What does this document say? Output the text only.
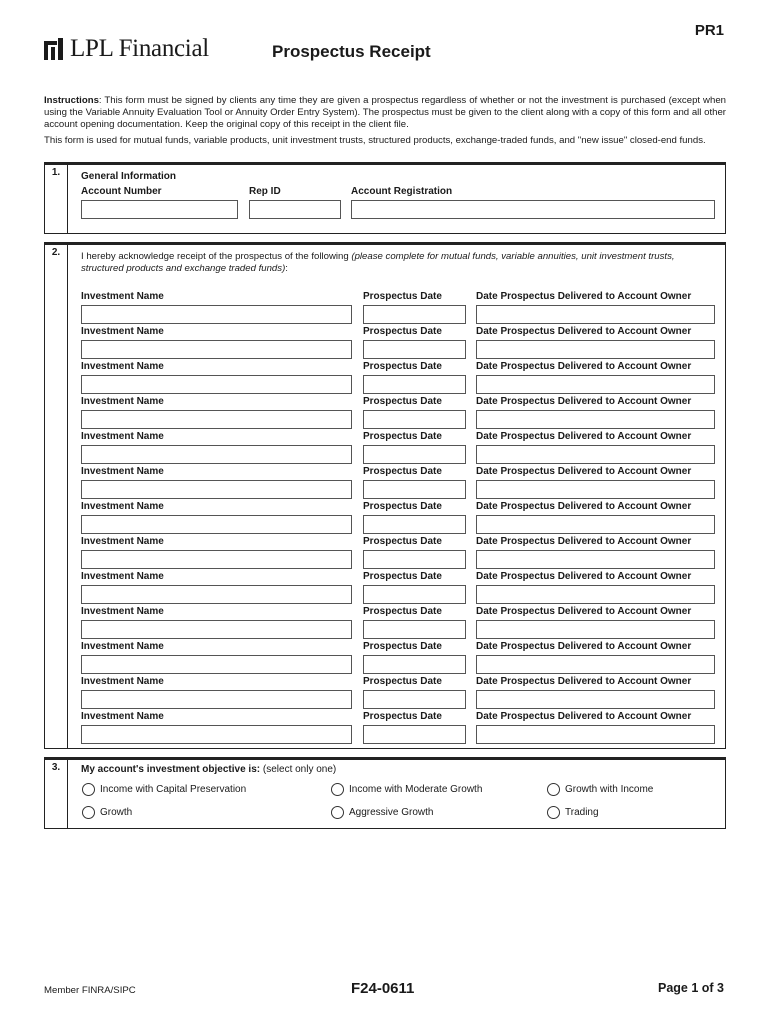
PR1
LPL Financial	Prospectus Receipt

Instructions: This form must be signed by clients any time they are given a prospectus regardless of whether or not the investment is purchased (except when using the Variable Annuity Evaluation Tool or Annuity Order Entry System). The prospectus must be given to the client along with a copy of this form and all other account opening documentation. Keep the original copy of this receipt in the client file.

This form is used for mutual funds, variable products, unit investment trusts, structured products, exchange-traded funds, and "new issue" closed-end funds.

1.	General Information
Account Number	Rep ID	Account Registration
2.	I hereby acknowledge receipt of the prospectus of the following (please complete for mutual funds, variable annuities, unit investment trusts, structured products and exchange traded funds):
Investment Name	Prospectus Date	Date Prospectus Delivered to Account Owner
Investment Name	Prospectus Date	Date Prospectus Delivered to Account Owner
Investment Name	Prospectus Date	Date Prospectus Delivered to Account Owner
Investment Name	Prospectus Date	Date Prospectus Delivered to Account Owner
Investment Name	Prospectus Date	Date Prospectus Delivered to Account Owner
Investment Name	Prospectus Date	Date Prospectus Delivered to Account Owner
Investment Name	Prospectus Date	Date Prospectus Delivered to Account Owner
Investment Name	Prospectus Date	Date Prospectus Delivered to Account Owner
Investment Name	Prospectus Date	Date Prospectus Delivered to Account Owner
Investment Name	Prospectus Date	Date Prospectus Delivered to Account Owner
Investment Name	Prospectus Date	Date Prospectus Delivered to Account Owner
Investment Name	Prospectus Date	Date Prospectus Delivered to Account Owner
Investment Name	Prospectus Date	Date Prospectus Delivered to Account Owner
3.	My account's investment objective is: (select only one)
Income with Capital Preservation	Income with Moderate Growth	Growth with Income
Growth	Aggressive Growth	Trading
Member FINRA/SIPC	F24-0611	Page 1 of 3
